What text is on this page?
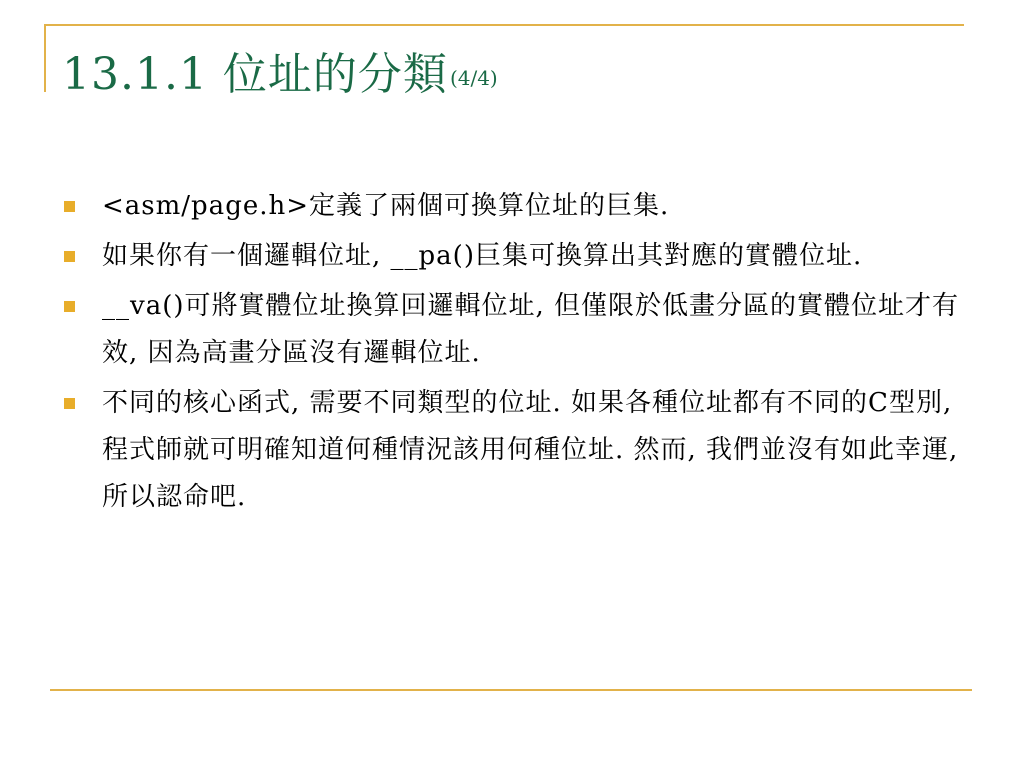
13.1.1 位址的分類 (4/4)
<asm/page.h>定義了兩個可換算位址的巨集.
如果你有一個邏輯位址, __pa()巨集可換算出其對應的實體位址.
__va()可將實體位址換算回邏輯位址, 但僅限於低畫分區的實體位址才有效, 因為高畫分區沒有邏輯位址.
不同的核心函式, 需要不同類型的位址. 如果各種位址都有不同的C型別, 程式師就可明確知道何種情況該用何種位址. 然而, 我們並沒有如此幸運, 所以認命吧.
